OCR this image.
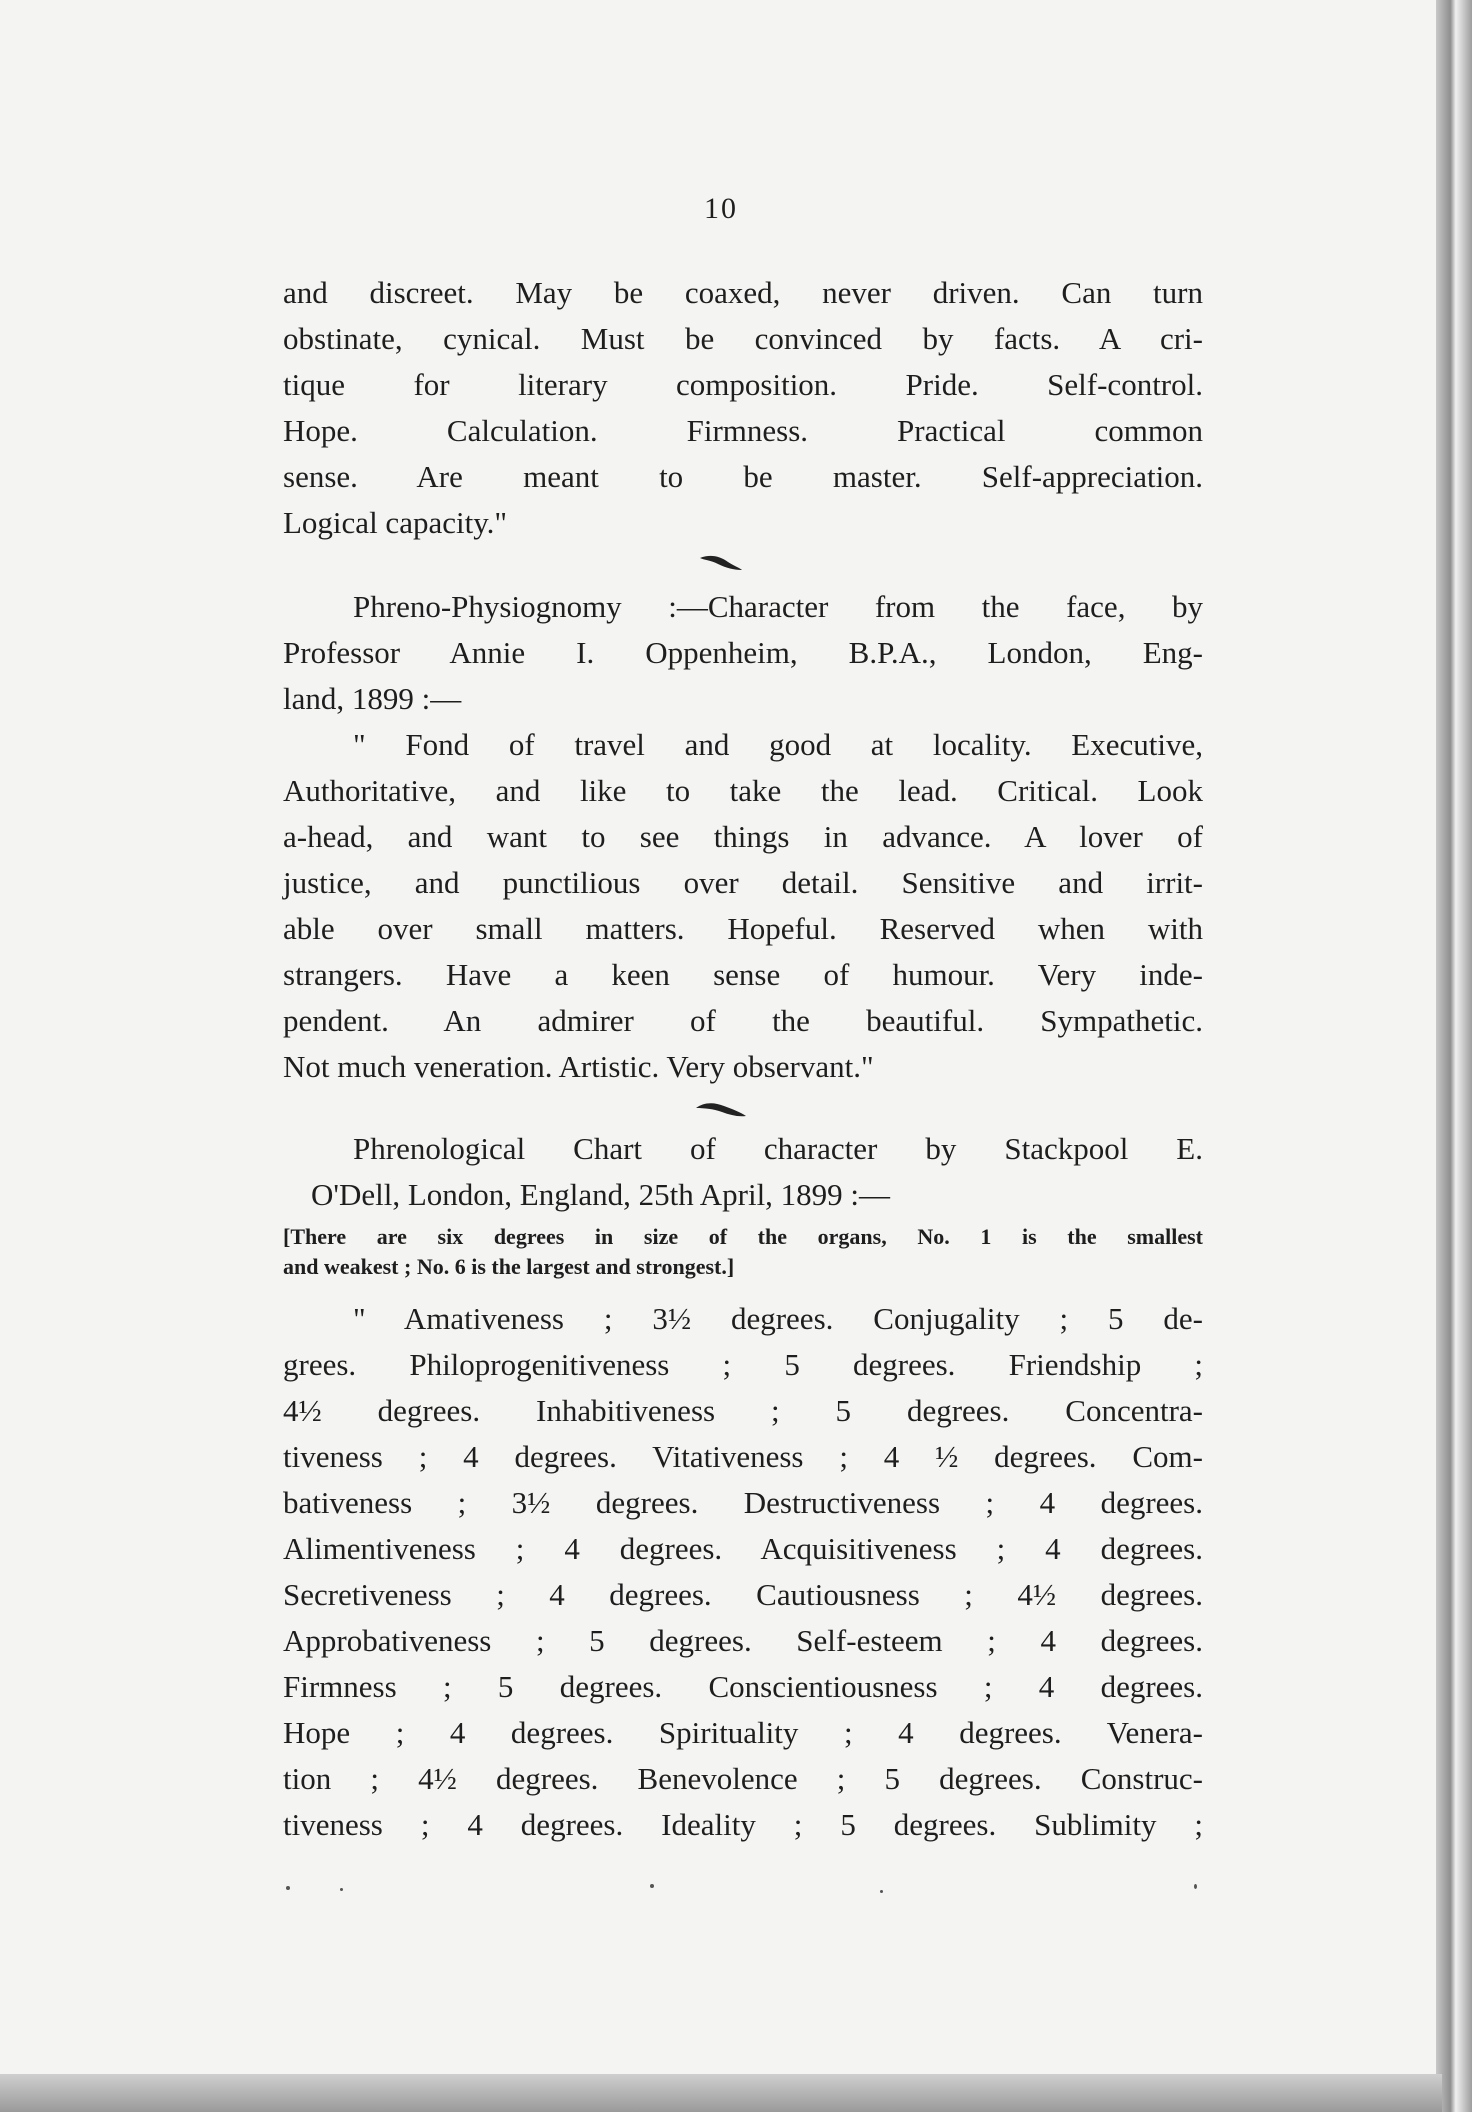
10
and discreet. May be coaxed, never driven. Can turn
obstinate, cynical. Must be convinced by facts. A cri-
tique for literary composition. Pride. Self-control.
Hope. Calculation. Firmness. Practical common
sense. Are meant to be master. Self-appreciation.
Logical capacity."
Phreno-Physiognomy :—Character from the face, by
Professor Annie I. Oppenheim, B.P.A., London, Eng-
land, 1899 :—
" Fond of travel and good at locality. Executive,
Authoritative, and like to take the lead. Critical. Look
a-head, and want to see things in advance. A lover of
justice, and punctilious over detail. Sensitive and irrit-
able over small matters. Hopeful. Reserved when with
strangers. Have a keen sense of humour. Very inde-
pendent. An admirer of the beautiful. Sympathetic.
Not much veneration. Artistic. Very observant."
Phrenological Chart of character by Stackpool E.
O'Dell, London, England, 25th April, 1899 :—
[There are six degrees in size of the organs, No. 1 is the smallest
and weakest ; No. 6 is the largest and strongest.]
" Amativeness ; 3½ degrees. Conjugality ; 5 de-
grees. Philoprogenitiveness ; 5 degrees. Friendship ;
4½ degrees. Inhabitiveness ; 5 degrees. Concentra-
tiveness ; 4 degrees. Vitativeness ; 4 ½ degrees. Com-
bativeness ; 3½ degrees. Destructiveness ; 4 degrees.
Alimentiveness ; 4 degrees. Acquisitiveness ; 4 degrees.
Secretiveness ; 4 degrees. Cautiousness ; 4½ degrees.
Approbativeness ; 5 degrees. Self-esteem ; 4 degrees.
Firmness ; 5 degrees. Conscientiousness ; 4 degrees.
Hope ; 4 degrees. Spirituality ; 4 degrees. Venera-
tion ; 4½ degrees. Benevolence ; 5 degrees. Construc-
tiveness ; 4 degrees. Ideality ; 5 degrees. Sublimity ;
